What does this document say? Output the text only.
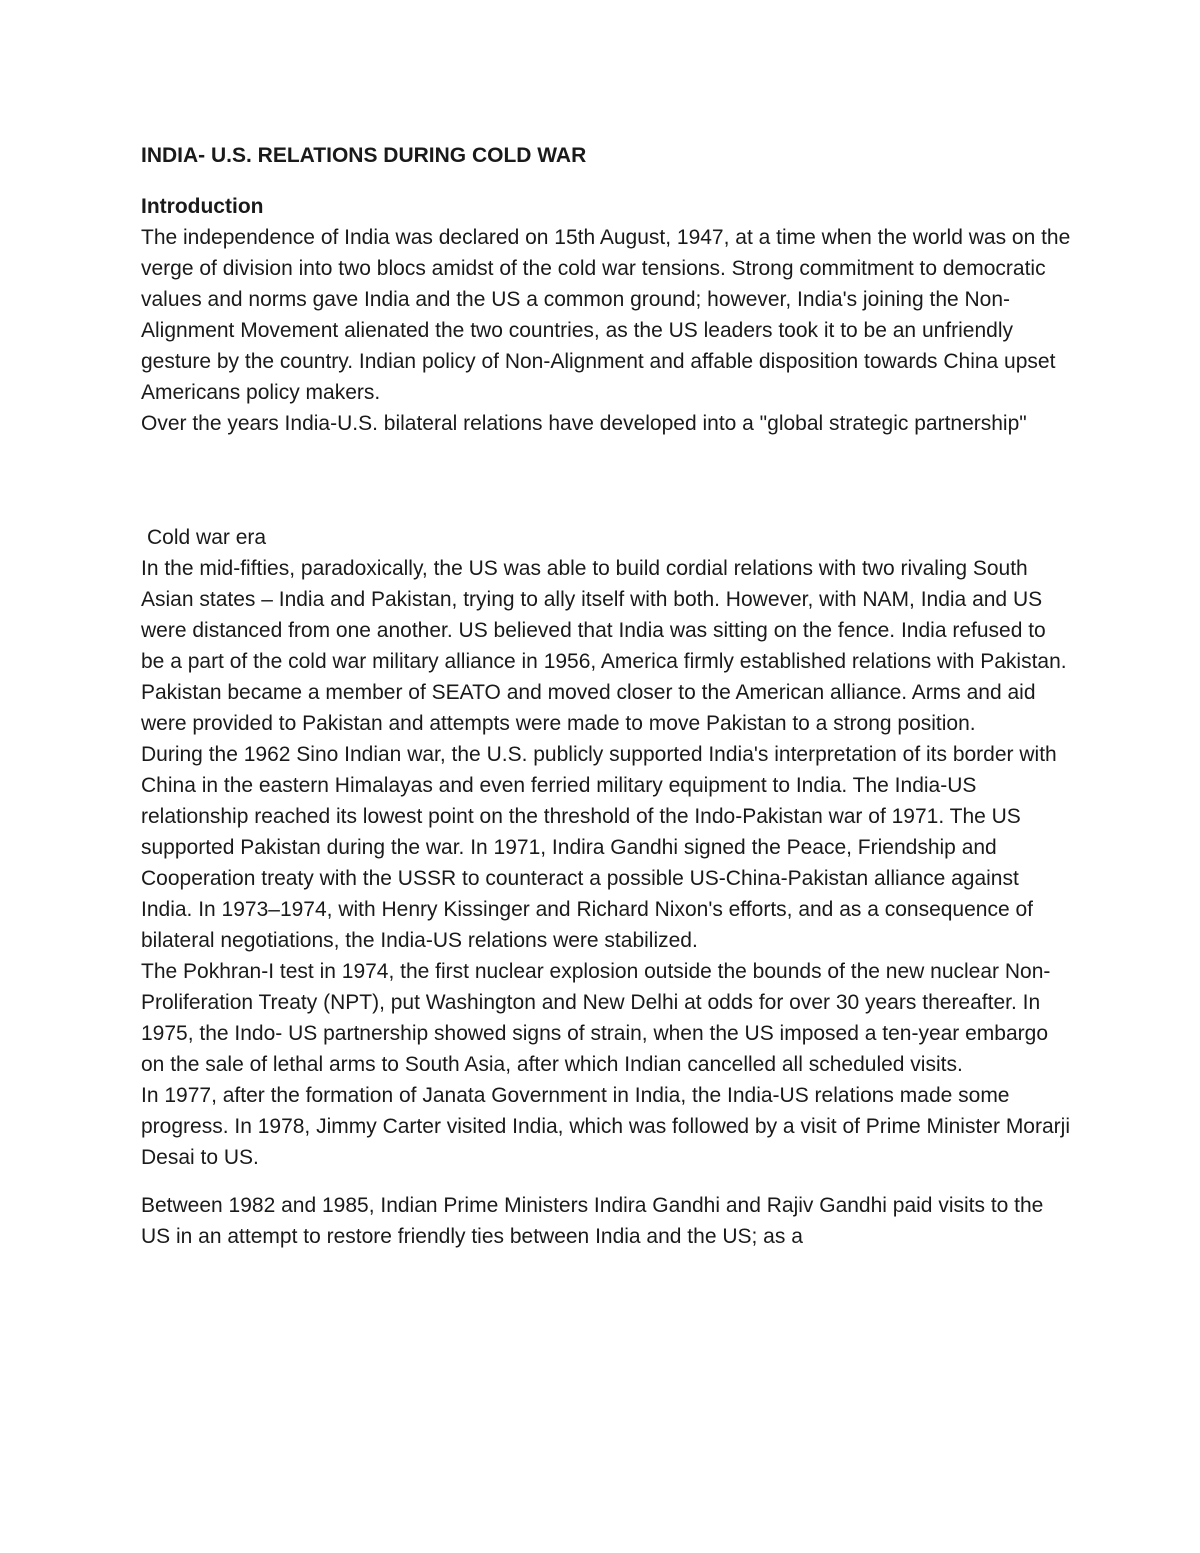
INDIA- U.S. RELATIONS DURING COLD WAR

Introduction

The independence of India was declared on 15th August, 1947, at a time when the world was on the verge of division into two blocs amidst of the cold war tensions. Strong commitment to democratic values and norms gave India and the US a common ground; however, India's joining the Non-Alignment Movement alienated the two countries, as the US leaders took it to be an unfriendly gesture by the country. Indian policy of Non-Alignment and affable disposition towards China upset Americans policy makers.

Over the years India-U.S. bilateral relations have developed into a "global strategic partnership"

Cold war era

In the mid-fifties, paradoxically, the US was able to build cordial relations with two rivaling South Asian states – India and Pakistan, trying to ally itself with both. However, with NAM, India and US were distanced from one another. US believed that India was sitting on the fence. India refused to be a part of the cold war military alliance in 1956, America firmly established relations with Pakistan. Pakistan became a member of SEATO and moved closer to the American alliance. Arms and aid were provided to Pakistan and attempts were made to move Pakistan to a strong position.

During the 1962 Sino Indian war, the U.S. publicly supported India's interpretation of its border with China in the eastern Himalayas and even ferried military equipment to India. The India-US relationship reached its lowest point on the threshold of the Indo-Pakistan war of 1971. The US supported Pakistan during the war. In 1971, Indira Gandhi signed the Peace, Friendship and Cooperation treaty with the USSR to counteract a possible US-China-Pakistan alliance against India. In 1973–1974, with Henry Kissinger and Richard Nixon's efforts, and as a consequence of bilateral negotiations, the India-US relations were stabilized.

The Pokhran-I test in 1974, the first nuclear explosion outside the bounds of the new nuclear Non-Proliferation Treaty (NPT), put Washington and New Delhi at odds for over 30 years thereafter. In 1975, the Indo- US partnership showed signs of strain, when the US imposed a ten-year embargo on the sale of lethal arms to South Asia, after which Indian cancelled all scheduled visits.

In 1977, after the formation of Janata Government in India, the India-US relations made some progress. In 1978, Jimmy Carter visited India, which was followed by a visit of Prime Minister Morarji Desai to US.

Between 1982 and 1985, Indian Prime Ministers Indira Gandhi and Rajiv Gandhi paid visits to the US in an attempt to restore friendly ties between India and the US; as a
